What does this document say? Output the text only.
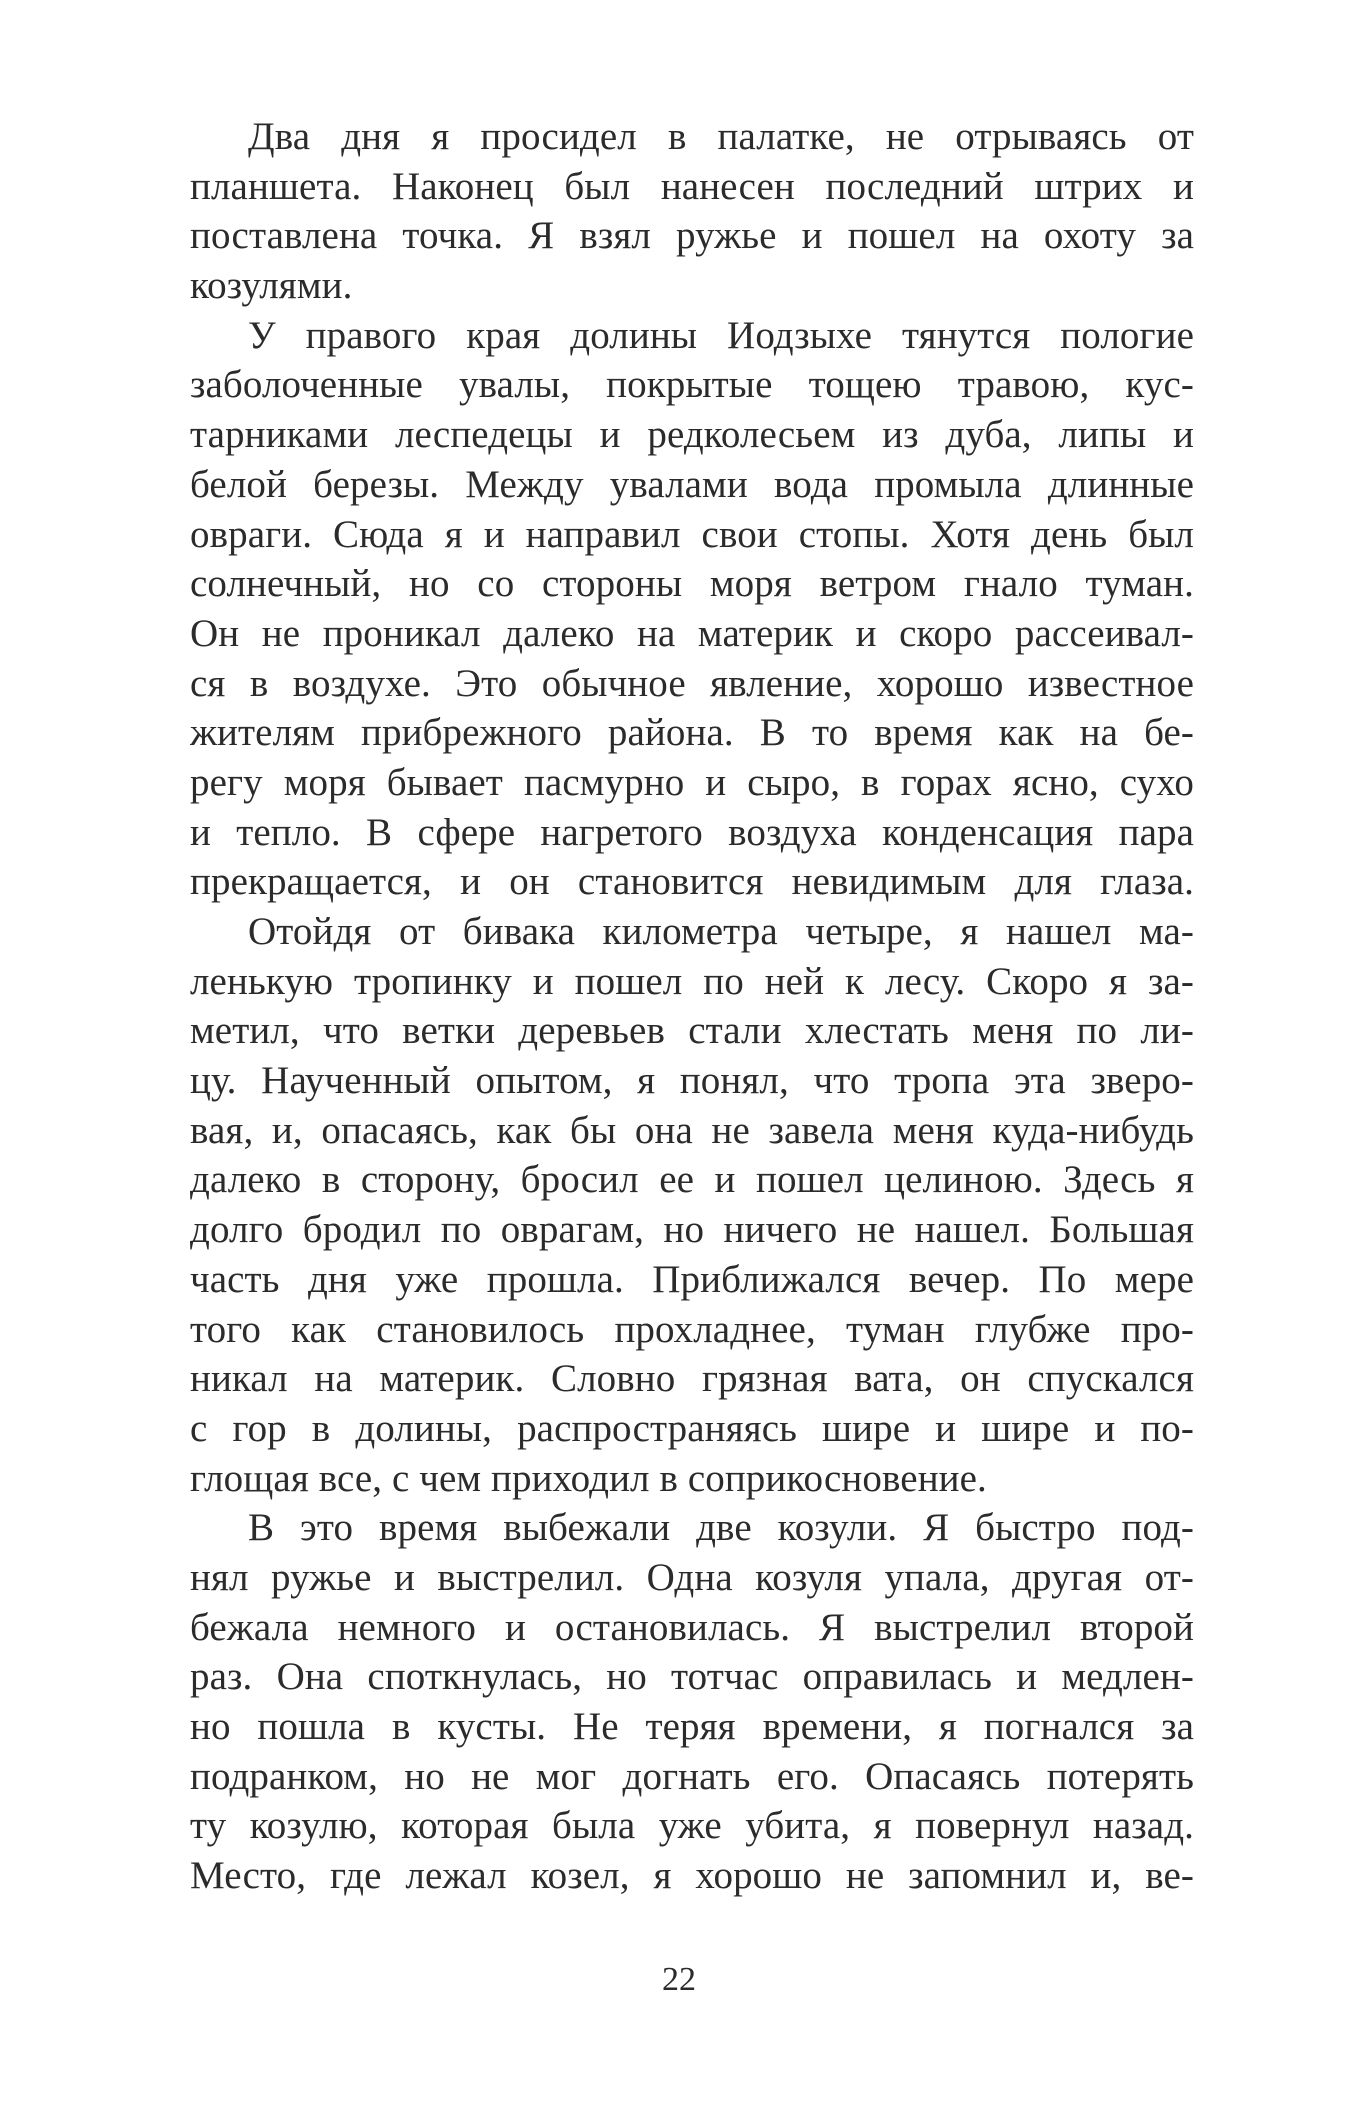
Два дня я просидел в палатке, не отрываясь от
планшета. Наконец был нанесен последний штрих и
поставлена точка. Я взял ружье и пошел на охоту за
козулями.
У правого края долины Иодзыхе тянутся пологие
заболоченные увалы, покрытые тощею травою, кус-
тарниками леспедецы и редколесьем из дуба, липы и
белой березы. Между увалами вода промыла длинные
овраги. Сюда я и направил свои стопы. Хотя день был
солнечный, но со стороны моря ветром гнало туман.
Он не проникал далеко на материк и скоро рассеивал-
ся в воздухе. Это обычное явление, хорошо известное
жителям прибрежного района. В то время как на бе-
регу моря бывает пасмурно и сыро, в горах ясно, сухо
и тепло. В сфере нагретого воздуха конденсация пара
прекращается, и он становится невидимым для глаза.
Отойдя от бивака километра четыре, я нашел ма-
ленькую тропинку и пошел по ней к лесу. Скоро я за-
метил, что ветки деревьев стали хлестать меня по ли-
цу. Наученный опытом, я понял, что тропа эта зверо-
вая, и, опасаясь, как бы она не завела меня куда-нибудь
далеко в сторону, бросил ее и пошел целиною. Здесь я
долго бродил по оврагам, но ничего не нашел. Большая
часть дня уже прошла. Приближался вечер. По мере
того как становилось прохладнее, туман глубже про-
никал на материк. Словно грязная вата, он спускался
с гор в долины, распространяясь шире и шире и по-
глощая все, с чем приходил в соприкосновение.
В это время выбежали две козули. Я быстро под-
нял ружье и выстрелил. Одна козуля упала, другая от-
бежала немного и остановилась. Я выстрелил второй
раз. Она споткнулась, но тотчас оправилась и медлен-
но пошла в кусты. Не теряя времени, я погнался за
подранком, но не мог догнать его. Опасаясь потерять
ту козулю, которая была уже убита, я повернул назад.
Место, где лежал козел, я хорошо не запомнил и, ве-
22
